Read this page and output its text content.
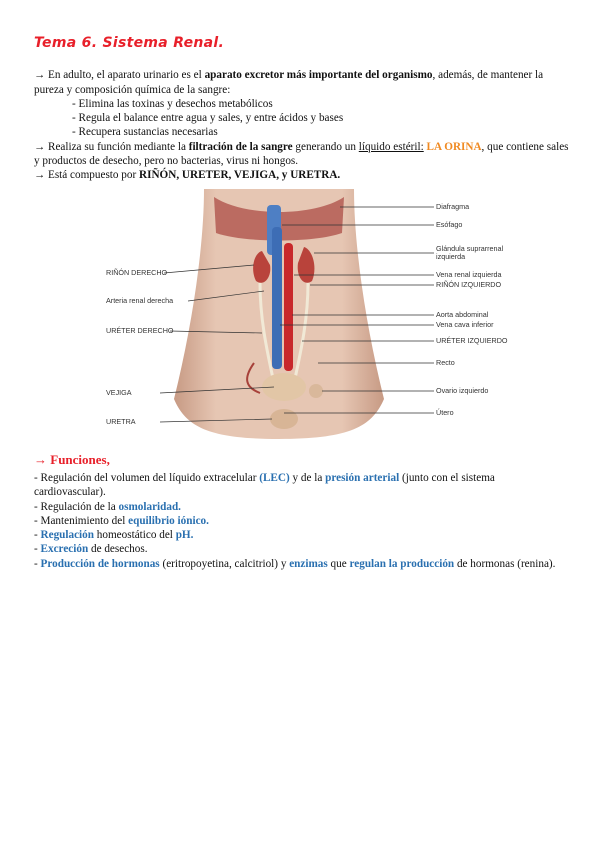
Tema 6. Sistema Renal.

→ En adulto, el aparato urinario es el aparato excretor más importante del organismo, además, de mantener la pureza y composición química de la sangre:

- Elimina las toxinas y desechos metabólicos

- Regula el balance entre agua y sales, y entre ácidos y bases

- Recupera sustancias necesarias

→ Realiza su función mediante la filtración de la sangre generando un líquido estéril: LA ORINA, que contiene sales y productos de desecho, pero no bacterias, virus ni hongos.

→ Está compuesto por RIÑÓN, URETER, VEJIGA, y URETRA.

RIÑÓN DERECHO
Arteria renal derecha
URÉTER DERECHO
VEJIGA
URETRA
Diafragma
Esófago
Glándula suprarrenal izquierda
Vena renal izquierda
RIÑÓN IZQUIERDO
Aorta abdominal
Vena cava inferior
URÉTER IZQUIERDO
Recto
Ovario izquierdo
Útero
→ Funciones,

- Regulación del volumen del líquido extracelular (LEC) y de la presión arterial (junto con el sistema cardiovascular).

- Regulación de la osmolaridad.

- Mantenimiento del equilibrio iónico.

- Regulación homeostático del pH.

- Excreción de desechos.

- Producción de hormonas (eritropoyetina, calcitriol) y enzimas que regulan la producción de hormonas (renina).
